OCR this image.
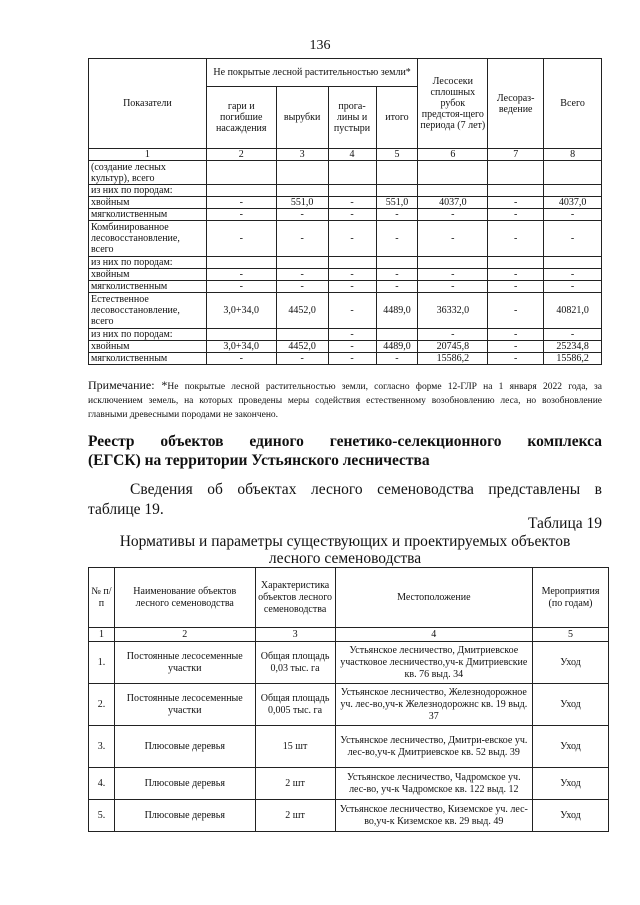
136
Показатели	Не покрытые лесной растительностью земли*				Лесосеки сплошных рубок предстоя-щего периода (7 лет)	Лесораз-ведение	Всего
	гари и погибшие насаждения	вырубки	прога-лины и пустыри	итого			
1	2	3	4	5	6	7	8
(создание лесных культур), всего							
из них по породам:							
хвойным	-	551,0	-	551,0	4037,0	-	4037,0
мягколиственным	-	-	-	-	-	-	-
Комбинированное лесовосстановление, всего	-	-	-	-	-	-	-
из них по породам:							
хвойным	-	-	-	-	-	-	-
мягколиственным	-	-	-	-	-	-	-
Естественное лесовосстановление, всего	3,0+34,0	4452,0	-	4489,0	36332,0	-	40821,0
из них по породам:			-		-	-	-
хвойным	3,0+34,0	4452,0	-	4489,0	20745,8	-	25234,8
мягколиственным	-	-	-	-	15586,2	-	15586,2
Примечание: *Не покрытые лесной растительностью земли, согласно форме 12-ГЛР на 1 января 2022 года, за исключением земель, на которых проведены меры содействия естественному возобновлению леса, но возобновление главными древесными породами не закончено.
Реестр объектов единого генетико-селекционного комплекса
(ЕГСК) на территории Устьянского лесничества
Сведения об объектах лесного семеноводства представлены в
таблице 19.
Таблица 19
Нормативы и параметры существующих и проектируемых объектов
лесного семеноводства
№ п/п	Наименование объектов лесного семеноводства	Характеристика объектов лесного семеноводства	Местоположение	Мероприятия (по годам)
1	2	3	4	5
1.	Постоянные лесосеменные участки	Общая площадь 0,03 тыс. га	Устьянское лесничество, Дмитриевское участковое лесничество,уч-к Дмитриевские кв. 76 выд. 34	Уход
2.	Постоянные лесосеменные участки	Общая площадь 0,005 тыс. га	Устьянское лесничество, Железнодорожное уч. лес-во,уч-к Железнодорожнс кв. 19 выд. 37	Уход
3.	Плюсовые деревья	15 шт	Устьянское лесничество, Дмитри-евское уч. лес-во,уч-к Дмитриевское кв. 52 выд. 39	Уход
4.	Плюсовые деревья	2 шт	Устьянское лесничество, Чадромское уч. лес-во, уч-к Чадромское кв. 122 выд. 12	Уход
5.	Плюсовые деревья	2 шт	Устьянское лесничество, Киземское уч. лес-во,уч-к Киземское кв. 29 выд. 49	Уход
